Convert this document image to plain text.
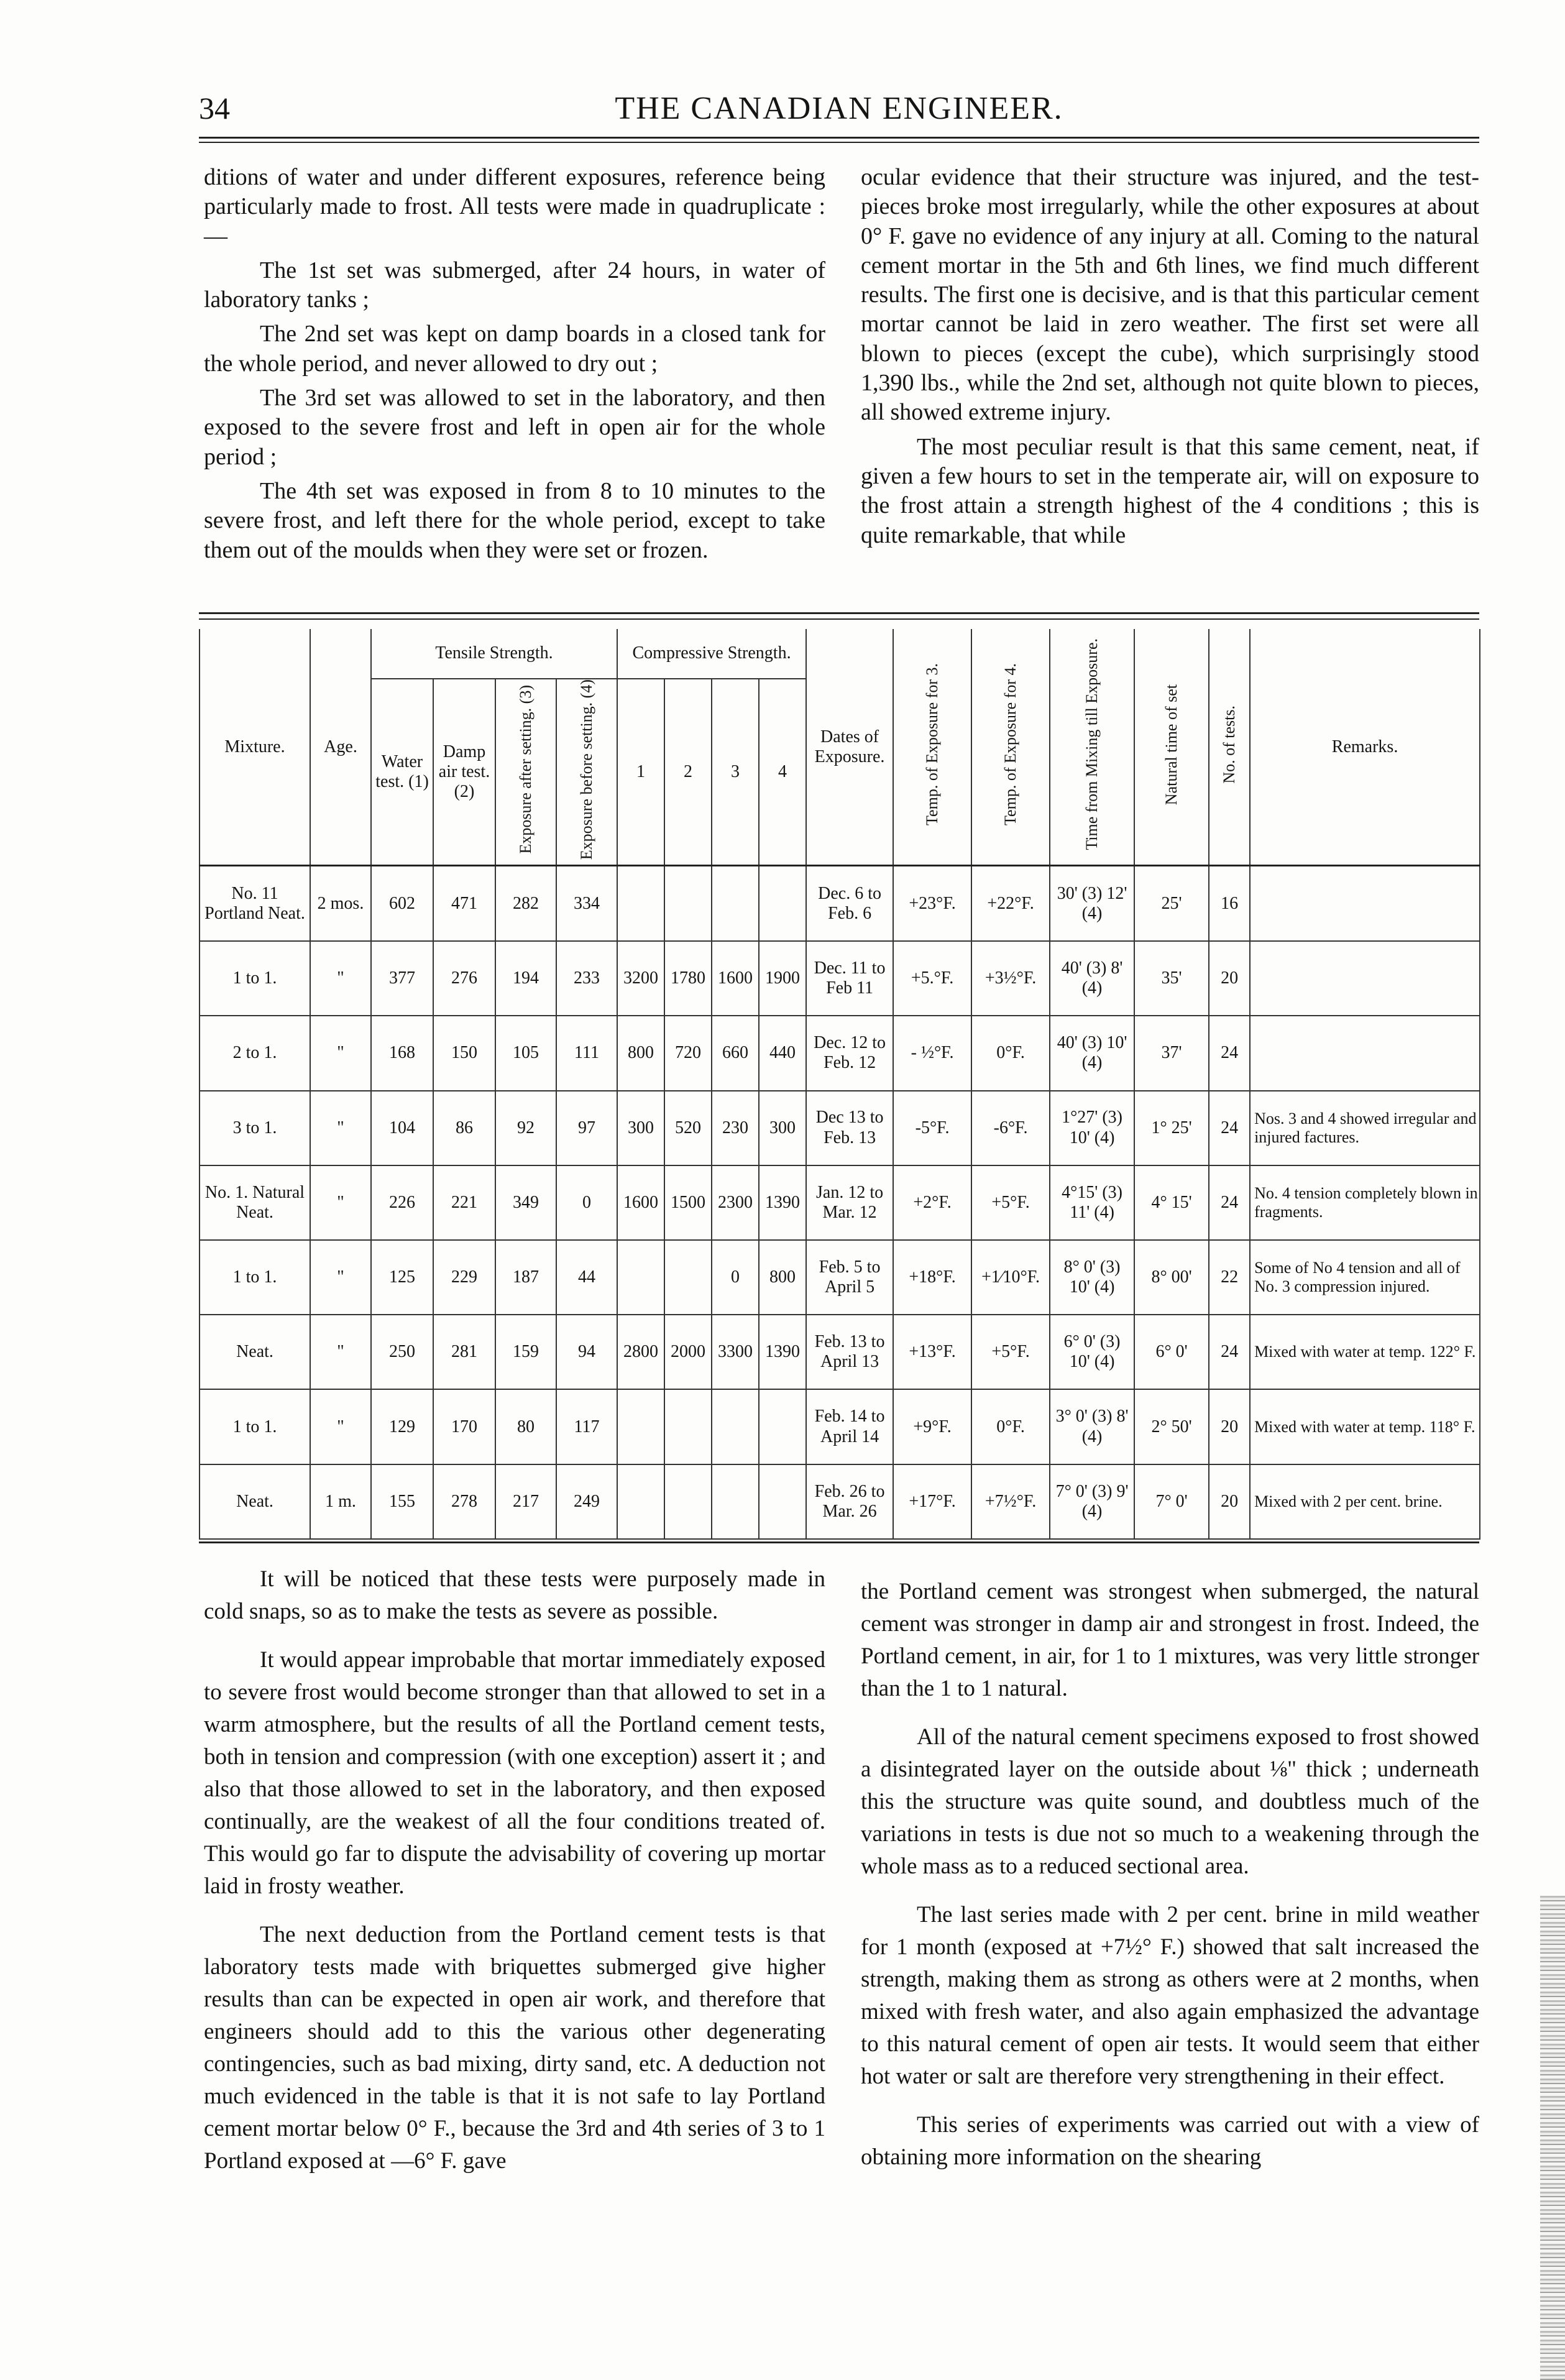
34	THE CANADIAN ENGINEER.

ditions of water and under different exposures, reference being particularly made to frost. All tests were made in quadruplicate :—

The 1st set was submerged, after 24 hours, in water of laboratory tanks ;

The 2nd set was kept on damp boards in a closed tank for the whole period, and never allowed to dry out ;

The 3rd set was allowed to set in the laboratory, and then exposed to the severe frost and left in open air for the whole period ;

The 4th set was exposed in from 8 to 10 minutes to the severe frost, and left there for the whole period, except to take them out of the moulds when they were set or frozen.

ocular evidence that their structure was injured, and the test-pieces broke most irregularly, while the other exposures at about 0° F. gave no evidence of any injury at all. Coming to the natural cement mortar in the 5th and 6th lines, we find much different results. The first one is decisive, and is that this particular cement mortar cannot be laid in zero weather. The first set were all blown to pieces (except the cube), which surprisingly stood 1,390 lbs., while the 2nd set, although not quite blown to pieces, all showed extreme injury.

The most peculiar result is that this same cement, neat, if given a few hours to set in the temperate air, will on exposure to the frost attain a strength highest of the 4 conditions ; this is quite remarkable, that while

Mixture.	Age.	Tensile Strength.				Compressive Strength.				Dates of Exposure.	Temp. of Exposure for 3.	Temp. of Exposure for 4.	Time from Mixing till Exposure.	Natural time of set	No. of tests.	Remarks.
		Water test. (1)	Damp air test. (2)	Exposure after setting. (3)	Exposure before setting. (4)	1	2	3	4							
No. 11 Portland Neat.	2 mos.	602	471	282	334					Dec. 6 to Feb. 6	+23°F.	+22°F.	30' (3) 12' (4)	25'	16	
1 to 1.	"	377	276	194	233	3200	1780	1600	1900	Dec. 11 to Feb 11	+5.°F.	+3½°F.	40' (3) 8' (4)	35'	20	
2 to 1.	"	168	150	105	111	800	720	660	440	Dec. 12 to Feb. 12	- ½°F.	0°F.	40' (3) 10' (4)	37'	24	
3 to 1.	"	104	86	92	97	300	520	230	300	Dec 13 to Feb. 13	-5°F.	-6°F.	1°27' (3) 10' (4)	1° 25'	24	Nos. 3 and 4 showed irregular and injured factures.
No. 1. Natural Neat.	"	226	221	349	0	1600	1500	2300	1390	Jan. 12 to Mar. 12	+2°F.	+5°F.	4°15' (3) 11' (4)	4° 15'	24	No. 4 tension completely blown in fragments.
1 to 1.	"	125	229	187	44			0	800	Feb. 5 to April 5	+18°F.	+1⁄10°F.	8° 0' (3) 10' (4)	8° 00'	22	Some of No 4 tension and all of No. 3 compression injured.
Neat.	"	250	281	159	94	2800	2000	3300	1390	Feb. 13 to April 13	+13°F.	+5°F.	6° 0' (3) 10' (4)	6° 0'	24	Mixed with water at temp. 122° F.
1 to 1.	"	129	170	80	117					Feb. 14 to April 14	+9°F.	0°F.	3° 0' (3) 8' (4)	2° 50'	20	Mixed with water at temp. 118° F.
Neat.	1 m.	155	278	217	249					Feb. 26 to Mar. 26	+17°F.	+7½°F.	7° 0' (3) 9' (4)	7° 0'	20	Mixed with 2 per cent. brine.

It will be noticed that these tests were purposely made in cold snaps, so as to make the tests as severe as possible.

It would appear improbable that mortar immediately exposed to severe frost would become stronger than that allowed to set in a warm atmosphere, but the results of all the Portland cement tests, both in tension and compression (with one exception) assert it ; and also that those allowed to set in the laboratory, and then exposed continually, are the weakest of all the four conditions treated of. This would go far to dispute the advisability of covering up mortar laid in frosty weather.

The next deduction from the Portland cement tests is that laboratory tests made with briquettes submerged give higher results than can be expected in open air work, and therefore that engineers should add to this the various other degenerating contingencies, such as bad mixing, dirty sand, etc. A deduction not much evidenced in the table is that it is not safe to lay Portland cement mortar below 0° F., because the 3rd and 4th series of 3 to 1 Portland exposed at —6° F. gave

the Portland cement was strongest when submerged, the natural cement was stronger in damp air and strongest in frost. Indeed, the Portland cement, in air, for 1 to 1 mixtures, was very little stronger than the 1 to 1 natural.

All of the natural cement specimens exposed to frost showed a disintegrated layer on the outside about ⅛" thick ; underneath this the structure was quite sound, and doubtless much of the variations in tests is due not so much to a weakening through the whole mass as to a reduced sectional area.

The last series made with 2 per cent. brine in mild weather for 1 month (exposed at +7½° F.) showed that salt increased the strength, making them as strong as others were at 2 months, when mixed with fresh water, and also again emphasized the advantage to this natural cement of open air tests. It would seem that either hot water or salt are therefore very strengthening in their effect.

This series of experiments was carried out with a view of obtaining more information on the shearing
